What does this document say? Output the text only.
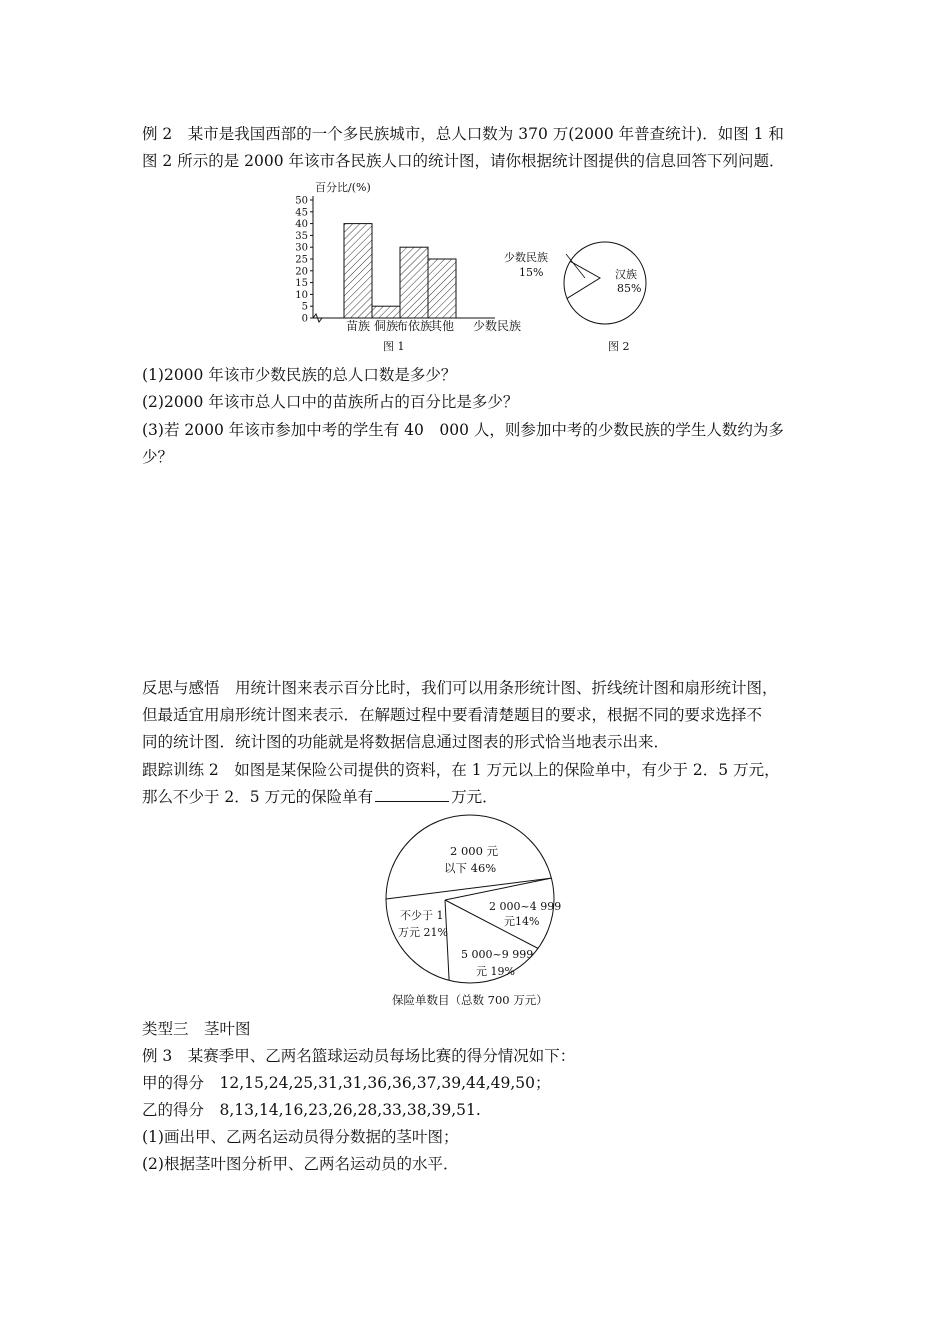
例 2　某市是我国西部的一个多民族城市，总人口数为 370 万(2000 年普查统计)．如图 1 和
图 2 所示的是 2000 年该市各民族人口的统计图，请你根据统计图提供的信息回答下列问题．
百分比/(%)
0
5
10
15
20
25
30
35
40
45
50
苗族 侗族
布依族
其他 少数民族
图 1
少数民族
15%	汉族
85%
图 2
(1)2000 年该市少数民族的总人口数是多少？
(2)2000 年该市总人口中的苗族所占的百分比是多少？
(3)若 2000 年该市参加中考的学生有 40　000 人，则参加中考的少数民族的学生人数约为多
少？
反思与感悟　用统计图来表示百分比时，我们可以用条形统计图、折线统计图和扇形统计图，
但最适宜用扇形统计图来表示．在解题过程中要看清楚题目的要求，根据不同的要求选择不
同的统计图．统计图的功能就是将数据信息通过图表的形式恰当地表示出来．
跟踪训练 2　如图是某保险公司提供的资料，在 1 万元以上的保险单中，有少于 2．5 万元，
那么不少于 2．5 万元的保险单有	万元．
2 000 元
以下 46%
2 000~4 999
元14%
5 000~9 999
元 19%
不少于 1
万元 21%
保险单数目（总数 700 万元）
类型三　茎叶图
例 3　某赛季甲、乙两名篮球运动员每场比赛的得分情况如下：
甲的得分　12,15,24,25,31,31,36,36,37,39,44,49,50；
乙的得分　8,13,14,16,23,26,28,33,38,39,51.
(1)画出甲、乙两名运动员得分数据的茎叶图；
(2)根据茎叶图分析甲、乙两名运动员的水平．
